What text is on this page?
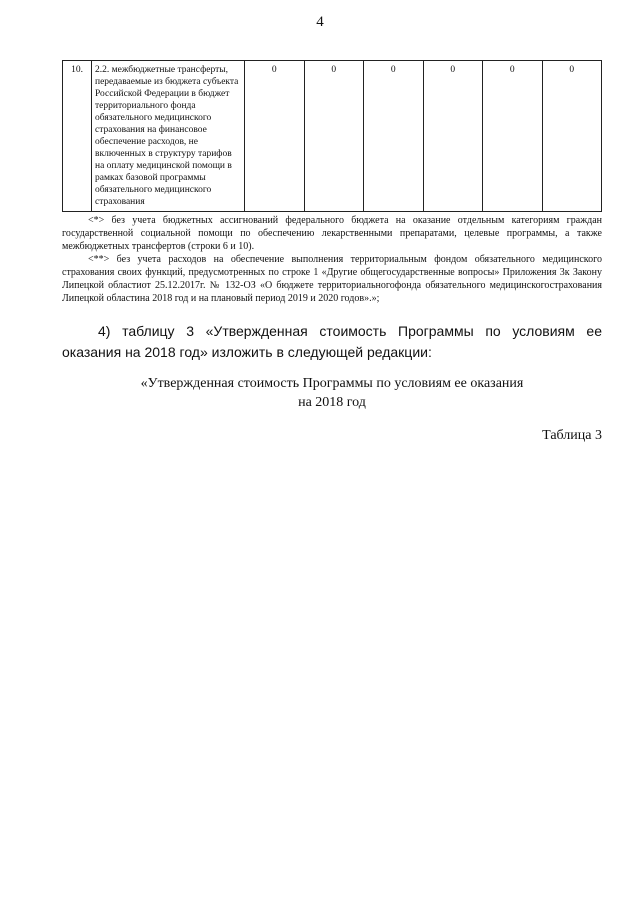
4
10.	2.2. межбюджетные трансферты, передаваемые из бюджета субъекта Российской Федерации в бюджет территориального фонда обязательного медицинского страхования на финансовое обеспечение расходов, не включенных в структуру тарифов на оплату медицинской помощи в рамках базовой программы обязательного медицинского страхования	0	0	0	0	0	0

<*> без учета бюджетных ассигнований федерального бюджета на оказание отдельным категориям граждан государственной социальной помощи по обеспечению лекарственными препаратами, целевые программы, а также межбюджетных трансфертов (строки 6 и 10).

<**> без учета расходов на обеспечение выполнения территориальным фондом обязательного медицинского страхования своих функций, предусмотренных по строке 1 «Другие общегосударственные вопросы» Приложения 3к Закону Липецкой областиот 25.12.2017г. № 132-ОЗ «О бюджете территориальногофонда обязательного медицинскогострахования Липецкой областина 2018 год и на плановый период 2019 и 2020 годов».»;

4) таблицу 3 «Утвержденная стоимость Программы по условиям ее оказания на 2018 год» изложить в следующей редакции:

«Утвержденная стоимость Программы по условиям ее оказания
на 2018 год
Таблица 3
